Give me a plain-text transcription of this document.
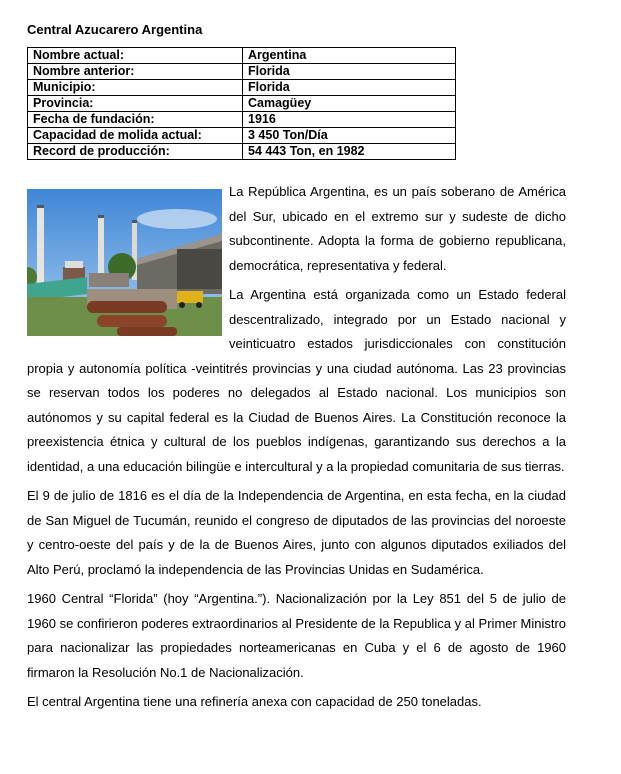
Central Azucarero Argentina
Nombre actual:	Argentina
Nombre anterior:	Florida
Municipio:	Florida
Provincia:	Camagüey
Fecha de fundación:	1916
Capacidad de molida actual:	3 450 Ton/Día
Record de producción:	54 443 Ton, en 1982

La República Argentina, es un país soberano de América del Sur, ubicado en el extremo sur y sudeste de dicho subcontinente. Adopta la forma de gobierno republicana, democrática, representativa y federal.

La Argentina está organizada como un Estado federal descentralizado, integrado por un Estado nacional y veinticuatro estados jurisdiccionales con constitución propia y autonomía política -veintitrés provincias y una ciudad autónoma. Las 23 provincias se reservan todos los poderes no delegados al Estado nacional. Los municipios son autónomos y su capital federal es la Ciudad de Buenos Aires. La Constitución reconoce la preexistencia étnica y cultural de los pueblos indígenas, garantizando sus derechos a la identidad, a una educación bilingüe e intercultural y a la propiedad comunitaria de sus tierras.

El 9 de julio de 1816 es el día de la Independencia de Argentina, en esta fecha, en la ciudad de San Miguel de Tucumán, reunido el congreso de diputados de las provincias del noroeste y centro-oeste del país y de la de Buenos Aires, junto con algunos diputados exiliados del Alto Perú, proclamó la independencia de las Provincias Unidas en Sudamérica.

1960 Central “Florida” (hoy “Argentina.”). Nacionalización por la Ley 851 del 5 de julio de 1960 se confirieron poderes extraordinarios al Presidente de la Republica y al Primer Ministro para nacionalizar las propiedades norteamericanas en Cuba y el 6 de agosto de 1960 firmaron la Resolución No.1 de Nacionalización.

El central Argentina tiene una refinería anexa con capacidad de 250 toneladas.
